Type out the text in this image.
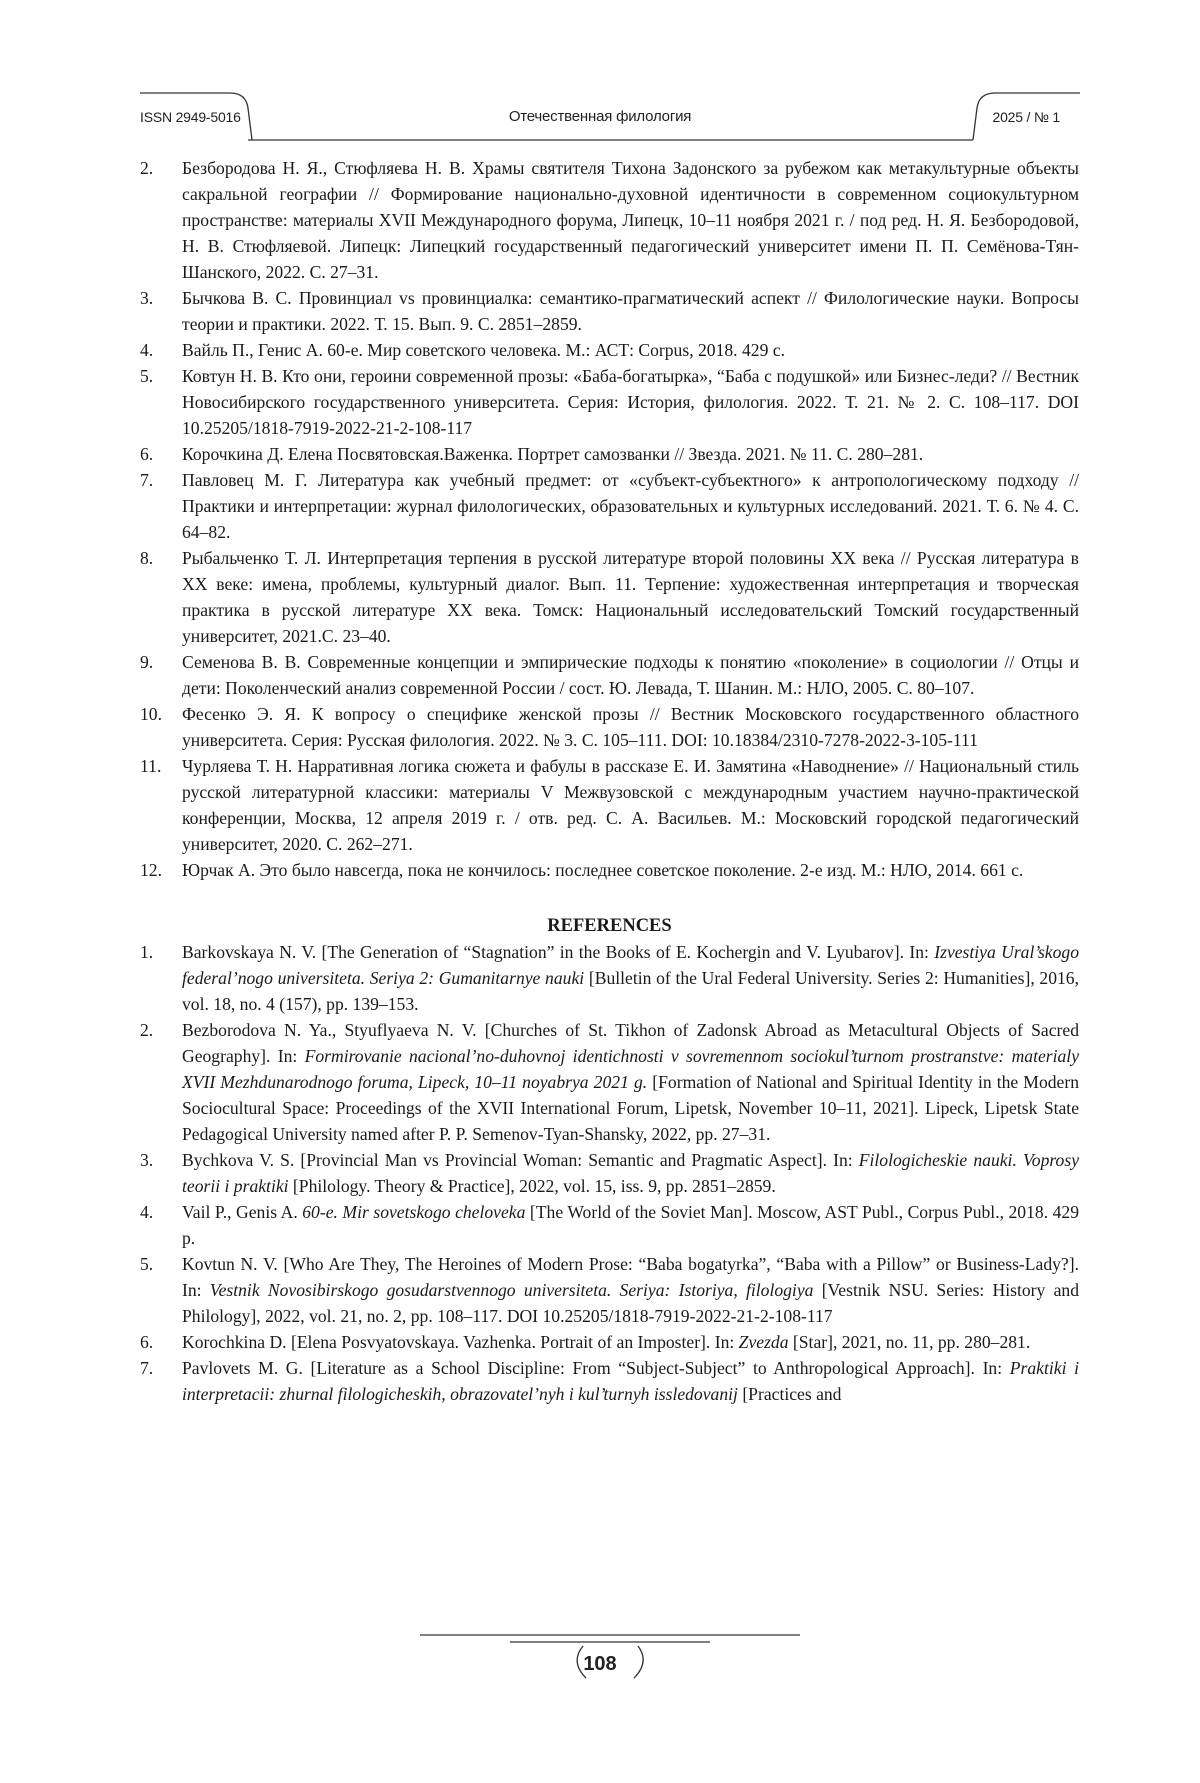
ISSN 2949-5016	Отечественная филология	2025 / № 1
2. Безбородова Н. Я., Стюфляева Н. В. Храмы святителя Тихона Задонского за рубежом как метакультурные объекты сакральной географии // Формирование национально-духовной идентичности в современном социокультурном пространстве: материалы XVII Международного форума, Липецк, 10–11 ноября 2021 г. / под ред. Н. Я. Безбородовой, Н. В. Стюфляевой. Липецк: Липецкий государственный педагогический университет имени П. П. Семёнова-Тян-Шанского, 2022. С. 27–31.
3. Бычкова В. С. Провинциал vs провинциалка: семантико-прагматический аспект // Филологические науки. Вопросы теории и практики. 2022. Т. 15. Вып. 9. С. 2851–2859.
4. Вайль П., Генис А. 60-е. Мир советского человека. М.: АСТ: Corpus, 2018. 429 с.
5. Ковтун Н. В. Кто они, героини современной прозы: «Баба-богатырка», “Баба с подушкой» или Бизнес-леди? // Вестник Новосибирского государственного университета. Серия: История, филология. 2022. Т. 21. № 2. С. 108–117. DOI 10.25205/1818-7919-2022-21-2-108-117
6. Корочкина Д. Елена Посвятовская.Важенка. Портрет самозванки // Звезда. 2021. № 11. С. 280–281.
7. Павловец М. Г. Литература как учебный предмет: от «субъект-субъектного» к антропологическому подходу // Практики и интерпретации: журнал филологических, образовательных и культурных исследований. 2021. Т. 6. № 4. С. 64–82.
8. Рыбальченко Т. Л. Интерпретация терпения в русской литературе второй половины ХХ века // Русская литература в ХХ веке: имена, проблемы, культурный диалог. Вып. 11. Терпение: художественная интерпретация и творческая практика в русской литературе ХХ века. Томск: Национальный исследовательский Томский государственный университет, 2021.С. 23–40.
9. Семенова В. В. Современные концепции и эмпирические подходы к понятию «поколение» в социологии // Отцы и дети: Поколенческий анализ современной России / сост. Ю. Левада, Т. Шанин. М.: НЛО, 2005. С. 80–107.
10. Фесенко Э. Я. К вопросу о специфике женской прозы // Вестник Московского государственного областного университета. Серия: Русская филология. 2022. № 3. С. 105–111. DOI: 10.18384/2310-7278-2022-3-105-111
11. Чурляева Т. Н. Нарративная логика сюжета и фабулы в рассказе Е. И. Замятина «Наводнение» // Национальный стиль русской литературной классики: материалы V Межвузовской с международным участием научно-практической конференции, Москва, 12 апреля 2019 г. / отв. ред. С. А. Васильев. М.: Московский городской педагогический университет, 2020. С. 262–271.
12. Юрчак А. Это было навсегда, пока не кончилось: последнее советское поколение. 2-е изд. М.: НЛО, 2014. 661 с.
REFERENCES
1. Barkovskaya N. V. [The Generation of “Stagnation” in the Books of E. Kochergin and V. Lyubarov]. In: Izvestiya Ural’skogo federal’nogo universiteta. Seriya 2: Gumanitarnye nauki [Bulletin of the Ural Federal University. Series 2: Humanities], 2016, vol. 18, no. 4 (157), pp. 139–153.
2. Bezborodova N. Ya., Styuflyaeva N. V. [Churches of St. Tikhon of Zadonsk Abroad as Metacultural Objects of Sacred Geography]. In: Formirovanie nacional’no-duhovnoj identichnosti v sovremennom sociokul’turnom prostranstve: materialy XVII Mezhdunarodnogo foruma, Lipeck, 10–11 noyabrya 2021 g. [Formation of National and Spiritual Identity in the Modern Sociocultural Space: Proceedings of the XVII International Forum, Lipetsk, November 10–11, 2021]. Lipeck, Lipetsk State Pedagogical University named after P. P. Semenov-Tyan-Shansky, 2022, pp. 27–31.
3. Bychkova V. S. [Provincial Man vs Provincial Woman: Semantic and Pragmatic Aspect]. In: Filologicheskie nauki. Voprosy teorii i praktiki [Philology. Theory & Practice], 2022, vol. 15, iss. 9, pp. 2851–2859.
4. Vail P., Genis A. 60-e. Mir sovetskogo cheloveka [The World of the Soviet Man]. Moscow, AST Publ., Corpus Publ., 2018. 429 p.
5. Kovtun N. V. [Who Are They, The Heroines of Modern Prose: “Baba bogatyrka”, “Baba with a Pillow” or Business-Lady?]. In: Vestnik Novosibirskogo gosudarstvennogo universiteta. Seriya: Istoriya, filologiya [Vestnik NSU. Series: History and Philology], 2022, vol. 21, no. 2, pp. 108–117. DOI 10.25205/1818-7919-2022-21-2-108-117
6. Korochkina D. [Elena Posvyatovskaya. Vazhenka. Portrait of an Imposter]. In: Zvezda [Star], 2021, no. 11, pp. 280–281.
7. Pavlovets M. G. [Literature as a School Discipline: From “Subject-Subject” to Anthropological Approach]. In: Praktiki i interpretacii: zhurnal filologicheskih, obrazovatel’nyh i kul’turnyh issledovanij [Practices and
108
